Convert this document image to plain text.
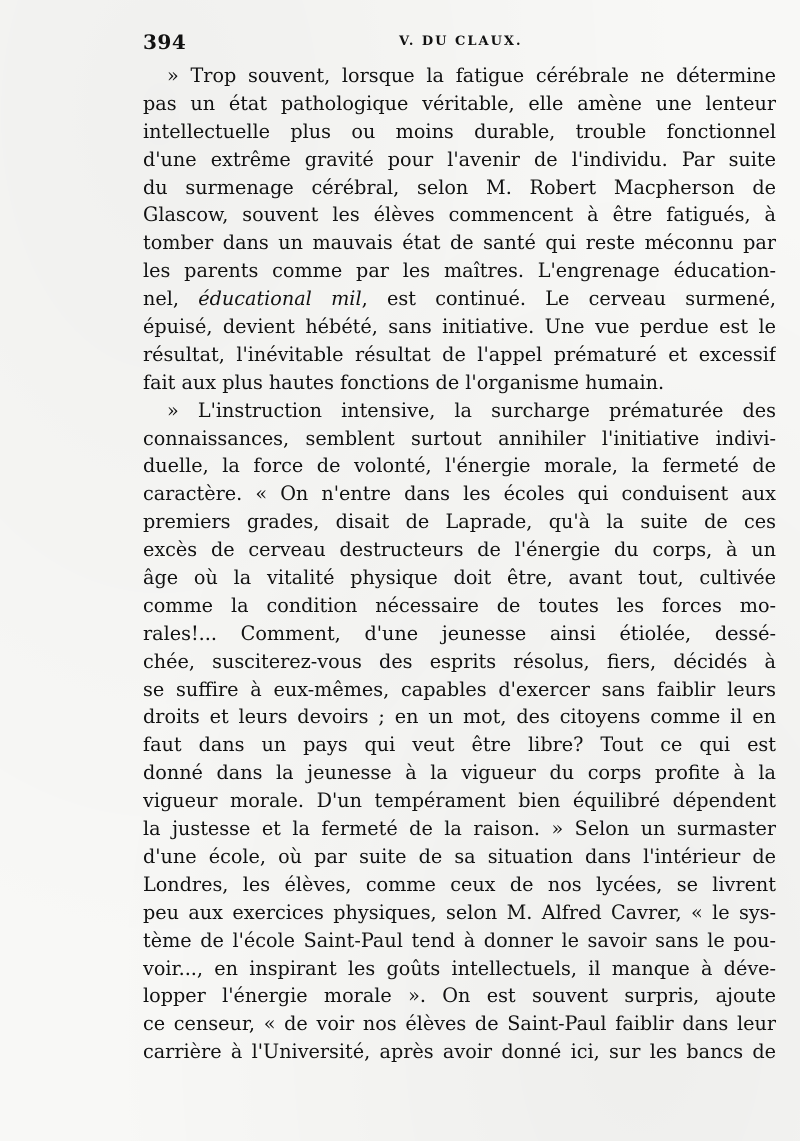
394	V. DU CLAUX.
» Trop souvent, lorsque la fatigue cérébrale ne détermine
pas un état pathologique véritable, elle amène une lenteur
intellectuelle plus ou moins durable, trouble fonctionnel
d'une extrême gravité pour l'avenir de l'individu. Par suite
du surmenage cérébral, selon M. Robert Macpherson de
Glascow, souvent les élèves commencent à être fatigués, à
tomber dans un mauvais état de santé qui reste méconnu par
les parents comme par les maîtres. L'engrenage éducation-
nel, éducational mil, est continué. Le cerveau surmené,
épuisé, devient hébété, sans initiative. Une vue perdue est le
résultat, l'inévitable résultat de l'appel prématuré et excessif
fait aux plus hautes fonctions de l'organisme humain.
» L'instruction intensive, la surcharge prématurée des
connaissances, semblent surtout annihiler l'initiative indivi-
duelle, la force de volonté, l'énergie morale, la fermeté de
caractère. « On n'entre dans les écoles qui conduisent aux
premiers grades, disait de Laprade, qu'à la suite de ces
excès de cerveau destructeurs de l'énergie du corps, à un
âge où la vitalité physique doit être, avant tout, cultivée
comme la condition nécessaire de toutes les forces mo-
rales!... Comment, d'une jeunesse ainsi étiolée, dessé-
chée, susciterez-vous des esprits résolus, fiers, décidés à
se suffire à eux-mêmes, capables d'exercer sans faiblir leurs
droits et leurs devoirs ; en un mot, des citoyens comme il en
faut dans un pays qui veut être libre? Tout ce qui est
donné dans la jeunesse à la vigueur du corps profite à la
vigueur morale. D'un tempérament bien équilibré dépendent
la justesse et la fermeté de la raison. » Selon un surmaster
d'une école, où par suite de sa situation dans l'intérieur de
Londres, les élèves, comme ceux de nos lycées, se livrent
peu aux exercices physiques, selon M. Alfred Cavrer, « le sys-
tème de l'école Saint-Paul tend à donner le savoir sans le pou-
voir..., en inspirant les goûts intellectuels, il manque à déve-
lopper l'énergie morale ». On est souvent surpris, ajoute
ce censeur, « de voir nos élèves de Saint-Paul faiblir dans leur
carrière à l'Université, après avoir donné ici, sur les bancs de
